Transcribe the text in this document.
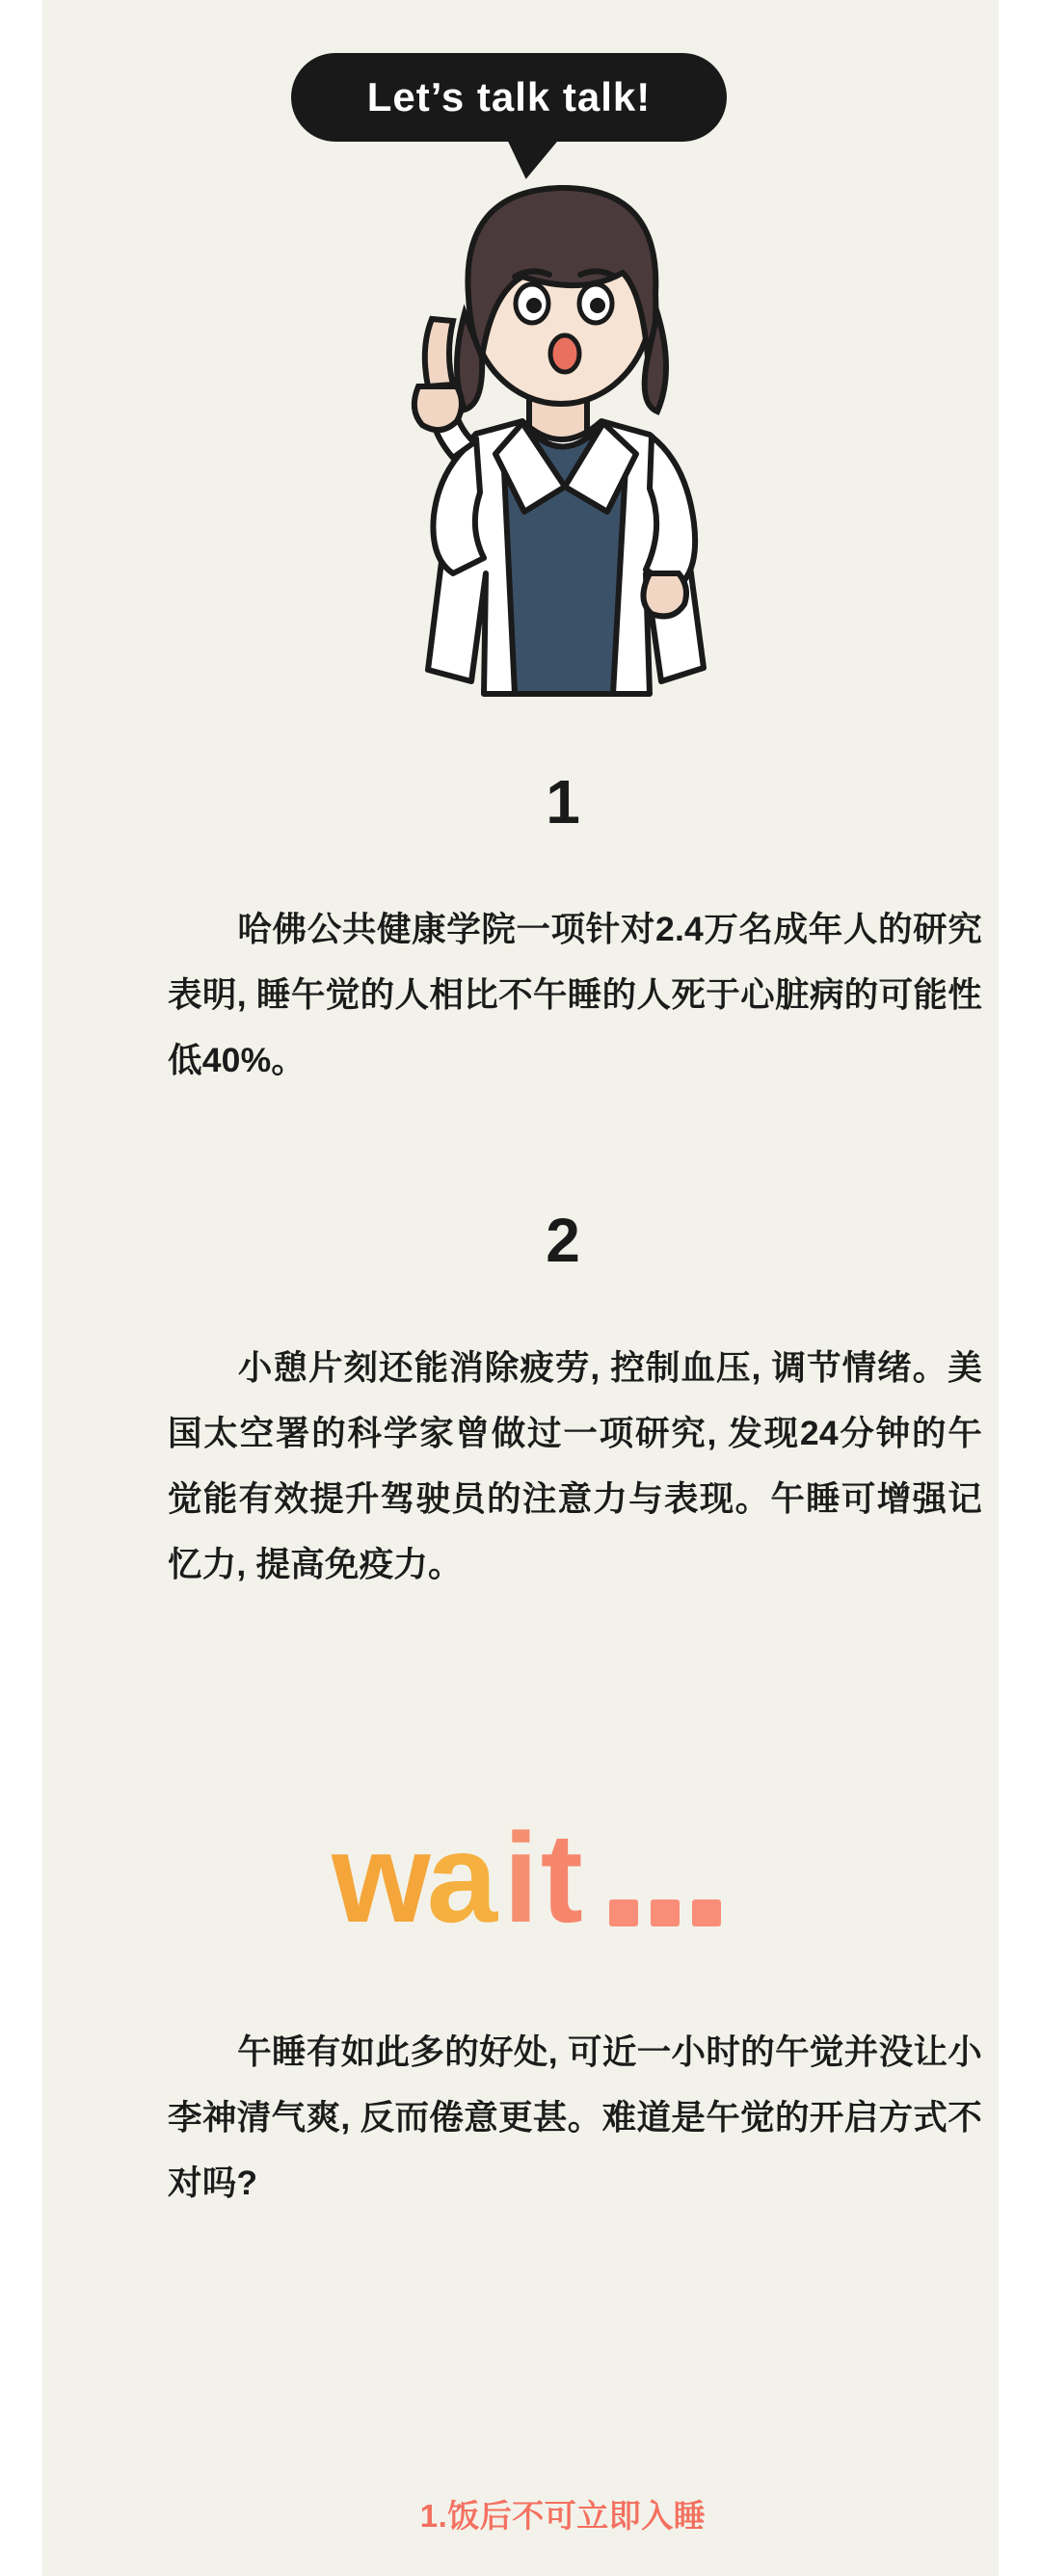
Let’s talk talk!
1
哈佛公共健康学院一项针对2.4万名成年人的研究表明, 睡午觉的人相比不午睡的人死于心脏病的可能性低40%。
2
小憩片刻还能消除疲劳, 控制血压, 调节情绪。美国太空署的科学家曾做过一项研究, 发现24分钟的午觉能有效提升驾驶员的注意力与表现。午睡可增强记忆力, 提高免疫力。
w a i t
午睡有如此多的好处, 可近一小时的午觉并没让小李神清气爽, 反而倦意更甚。难道是午觉的开启方式不对吗?
1.饭后不可立即入睡
